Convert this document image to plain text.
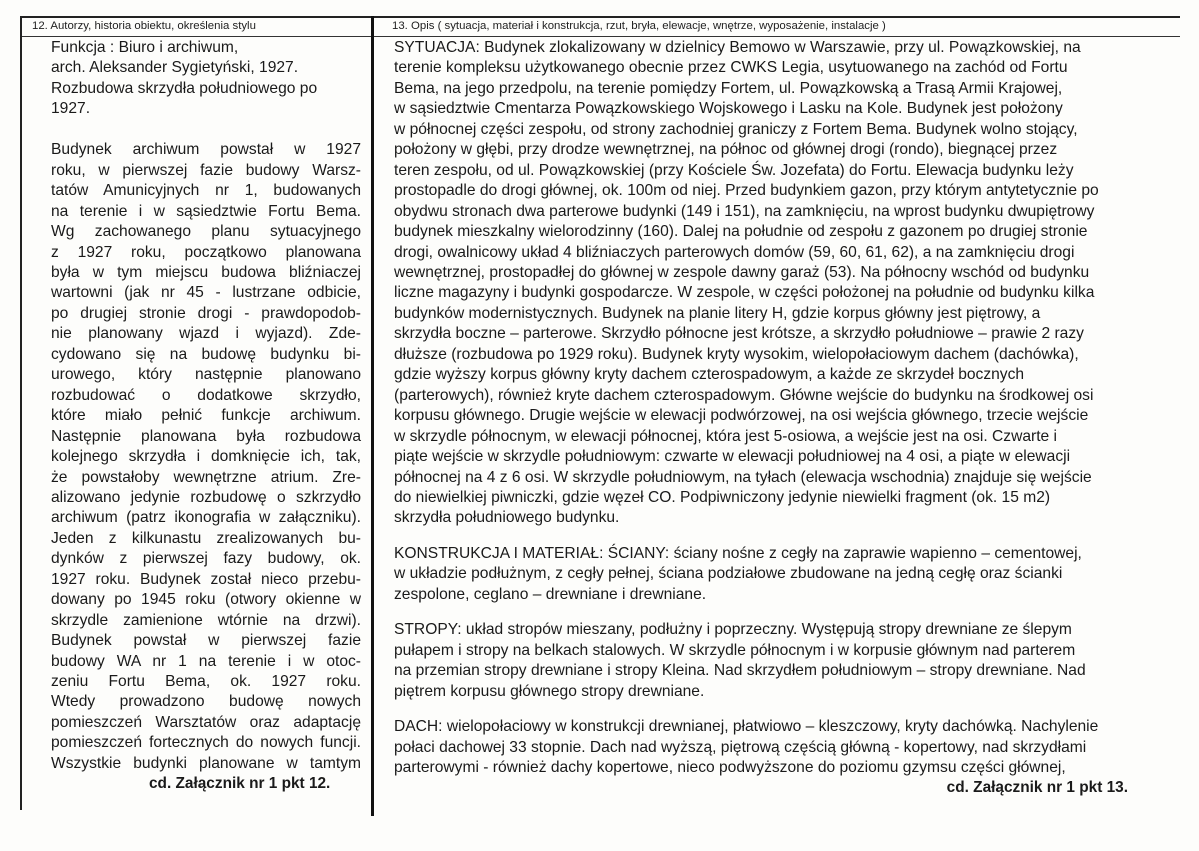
12. Autorzy, historia obiektu, określenia stylu	13. Opis ( sytuacja, materiał i konstrukcja, rzut, bryła, elewacje, wnętrze, wyposażenie, instalacje )
Funkcja : Biuro i archiwum,
arch. Aleksander Sygietyński, 1927.
Rozbudowa skrzydła południowego po
1927.
Budynek archiwum powstał w 1927
roku, w pierwszej fazie budowy Warsz-
tatów Amunicyjnych nr 1, budowanych
na terenie i w sąsiedztwie Fortu Bema.
Wg zachowanego planu sytuacyjnego
z 1927 roku, początkowo planowana
była w tym miejscu budowa bliźniaczej
wartowni (jak nr 45 - lustrzane odbicie,
po drugiej stronie drogi - prawdopodob-
nie planowany wjazd i wyjazd). Zde-
cydowano się na budowę budynku bi-
urowego, który następnie planowano
rozbudować o dodatkowe skrzydło,
które miało pełnić funkcje archiwum.
Następnie planowana była rozbudowa
kolejnego skrzydła i domknięcie ich, tak,
że powstałoby wewnętrzne atrium. Zre-
alizowano jedynie rozbudowę o szkrzydło
archiwum (patrz ikonografia w załączniku).
Jeden z kilkunastu zrealizowanych bu-
dynków z pierwszej fazy budowy, ok.
1927 roku. Budynek został nieco przebu-
dowany po 1945 roku (otwory okienne w
skrzydle zamienione wtórnie na drzwi).
Budynek powstał w pierwszej fazie
budowy WA nr 1 na terenie i w otoc-
zeniu Fortu Bema, ok. 1927 roku.
Wtedy prowadzono budowę nowych
pomieszczeń Warsztatów oraz adaptację
pomieszczeń fortecznych do nowych funcji.
Wszystkie budynki planowane w tamtym
cd. Załącznik nr 1 pkt 12.
SYTUACJA: Budynek zlokalizowany w dzielnicy Bemowo w Warszawie, przy ul. Powązkowskiej, na
terenie kompleksu użytkowanego obecnie przez CWKS Legia, usytuowanego na zachód od Fortu
Bema, na jego przedpolu, na terenie pomiędzy Fortem, ul. Powązkowską a Trasą Armii Krajowej,
w sąsiedztwie Cmentarza Powązkowskiego Wojskowego i Lasku na Kole. Budynek jest położony
w północnej części zespołu, od strony zachodniej graniczy z Fortem Bema. Budynek wolno stojący,
położony w głębi, przy drodze wewnętrznej, na północ od głównej drogi (rondo), biegnącej przez
teren zespołu, od ul. Powązkowskiej (przy Kościele Św. Jozefata) do Fortu. Elewacja budynku leży
prostopadle do drogi głównej, ok. 100m od niej. Przed budynkiem gazon, przy którym antytetycznie po
obydwu stronach dwa parterowe budynki (149 i 151), na zamknięciu, na wprost budynku dwupiętrowy
budynek mieszkalny wielorodzinny (160). Dalej na południe od zespołu z gazonem po drugiej stronie
drogi, owalnicowy układ 4 bliźniaczych parterowych domów (59, 60, 61, 62), a na zamknięciu drogi
wewnętrznej, prostopadłej do głównej w zespole dawny garaż (53). Na północny wschód od budynku
liczne magazyny i budynki gospodarcze. W zespole, w części położonej na południe od budynku kilka
budynków modernistycznych. Budynek na planie litery H, gdzie korpus główny jest piętrowy, a
skrzydła boczne – parterowe. Skrzydło północne jest krótsze, a skrzydło południowe – prawie 2 razy
dłuższe (rozbudowa po 1929 roku). Budynek kryty wysokim, wielopołaciowym dachem (dachówka),
gdzie wyższy korpus główny kryty dachem czterospadowym, a każde ze skrzydeł bocznych
(parterowych), również kryte dachem czterospadowym. Główne wejście do budynku na środkowej osi
korpusu głównego. Drugie wejście w elewacji podwórzowej, na osi wejścia głównego, trzecie wejście
w skrzydle północnym, w elewacji północnej, która jest 5-osiowa, a wejście jest na osi. Czwarte i
piąte wejście w skrzydle południowym: czwarte w elewacji południowej na 4 osi, a piąte w elewacji
północnej na 4 z 6 osi. W skrzydle południowym, na tyłach (elewacja wschodnia) znajduje się wejście
do niewielkiej piwniczki, gdzie węzeł CO. Podpiwniczony jedynie niewielki fragment (ok. 15 m2)
skrzydła południowego budynku.
KONSTRUKCJA I MATERIAŁ: ŚCIANY: ściany nośne z cegły na zaprawie wapienno – cementowej,
w układzie podłużnym, z cegły pełnej, ściana podziałowe zbudowane na jedną cegłę oraz ścianki
zespolone, ceglano – drewniane i drewniane.
STROPY: układ stropów mieszany, podłużny i poprzeczny. Występują stropy drewniane ze ślepym
pułapem i stropy na belkach stalowych. W skrzydle północnym i w korpusie głównym nad parterem
na przemian stropy drewniane i stropy Kleina. Nad skrzydłem południowym – stropy drewniane. Nad
piętrem korpusu głównego stropy drewniane.
DACH: wielopołaciowy w konstrukcji drewnianej, płatwiowo – kleszczowy, kryty dachówką. Nachylenie
połaci dachowej 33 stopnie. Dach nad wyższą, piętrową częścią główną - kopertowy, nad skrzydłami
parterowymi - również dachy kopertowe, nieco podwyższone do poziomu gzymsu części głównej,
cd. Załącznik nr 1 pkt 13.
